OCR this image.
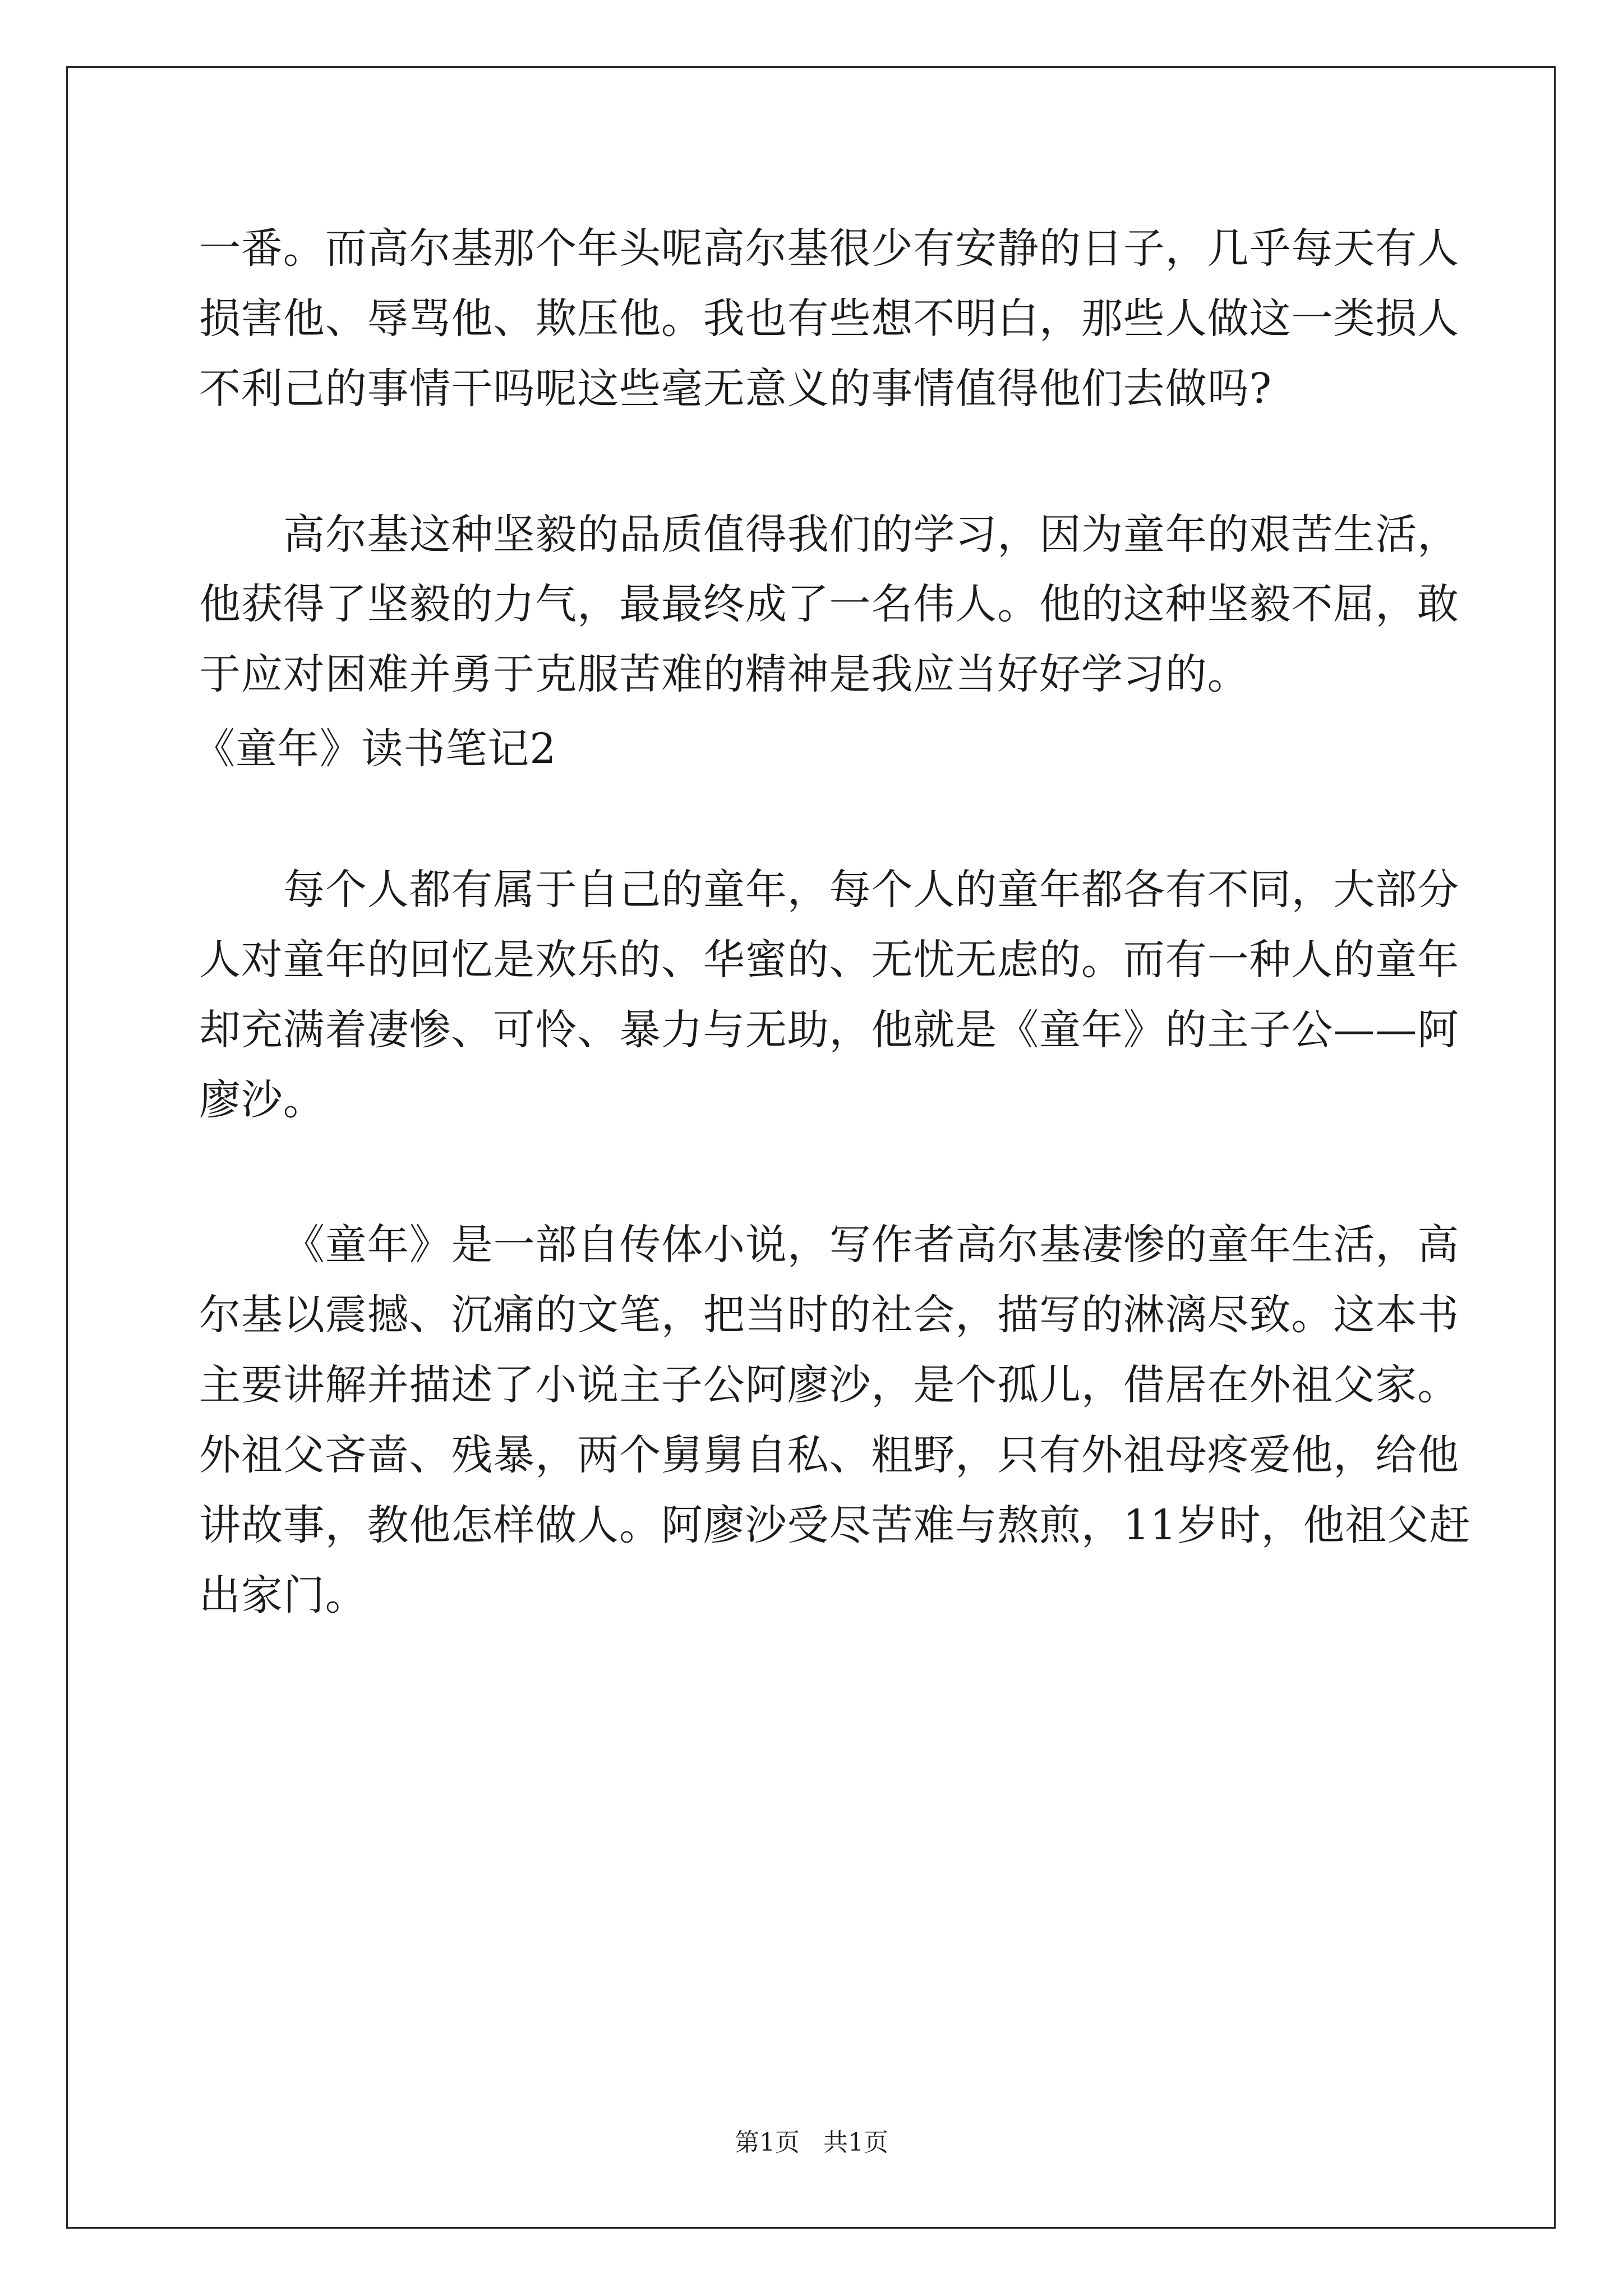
一番。而高尔基那个年头呢高尔基很少有安静的日子，几乎每天有人
损害他、辱骂他、欺压他。我也有些想不明白，那些人做这一类损人
不利己的事情干吗呢这些毫无意义的事情值得他们去做吗?
高尔基这种坚毅的品质值得我们的学习，因为童年的艰苦生活，
他获得了坚毅的力气，最最终成了一名伟人。他的这种坚毅不屈，敢
于应对困难并勇于克服苦难的精神是我应当好好学习的。
《童年》读书笔记2
每个人都有属于自己的童年，每个人的童年都各有不同，大部分
人对童年的回忆是欢乐的、华蜜的、无忧无虑的。而有一种人的童年
却充满着凄惨、可怜、暴力与无助，他就是《童年》的主子公——阿
廖沙。
《童年》是一部自传体小说，写作者高尔基凄惨的童年生活，高
尔基以震撼、沉痛的文笔，把当时的社会，描写的淋漓尽致。这本书
主要讲解并描述了小说主子公阿廖沙，是个孤儿，借居在外祖父家。
外祖父吝啬、残暴，两个舅舅自私、粗野，只有外祖母疼爱他，给他
讲故事，教他怎样做人。阿廖沙受尽苦难与熬煎，11岁时，他祖父赶
出家门。
第1页   共1页
